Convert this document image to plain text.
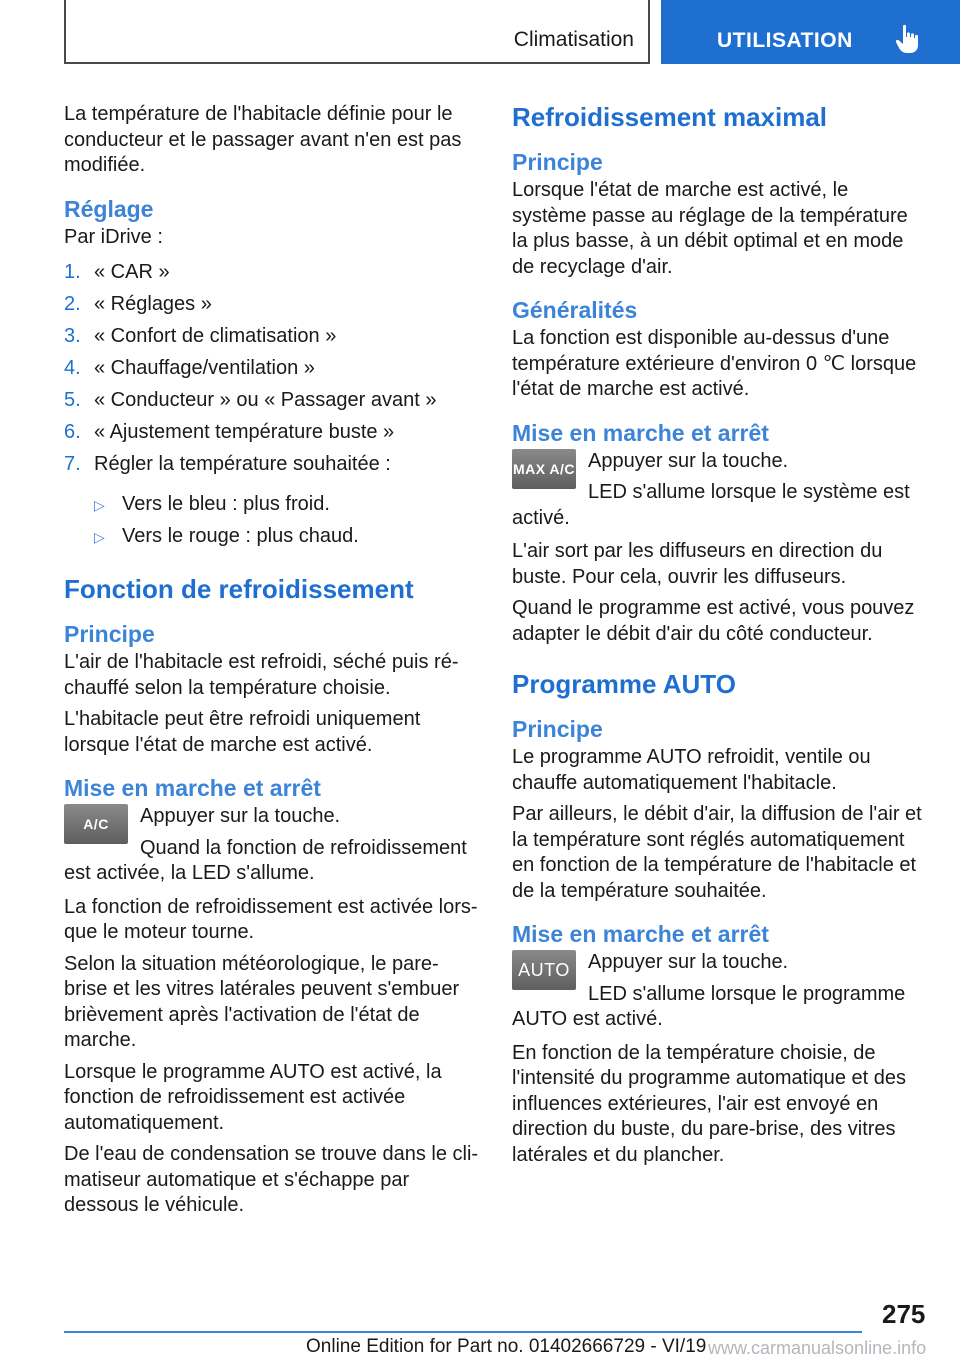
Climatisation	UTILISATION

La température de l'habitacle définie pour le conducteur et le passager avant n'en est pas modifiée.

Réglage

Par iDrive :

1. « CAR »
2. « Réglages »
3. « Confort de climatisation »
4. « Chauffage/ventilation »
5. « Conducteur » ou « Passager avant »
6. « Ajustement température buste »
7. Régler la température souhaitée :
▷ Vers le bleu : plus froid.
▷ Vers le rouge : plus chaud.
Fonction de refroidissement
Principe

L'air de l'habitacle est refroidi, séché puis réchauffé selon la température choisie.

L'habitacle peut être refroidi uniquement lorsque l'état de marche est activé.

Mise en marche et arrêt
A/C	Appuyer sur la touche.

Quand la fonction de refroidissement est activée, la LED s'allume.

La fonction de refroidissement est activée lorsque le moteur tourne.

Selon la situation météorologique, le pare-brise et les vitres latérales peuvent s'embuer brièvement après l'activation de l'état de marche.

Lorsque le programme AUTO est activé, la fonction de refroidissement est activée automatiquement.

De l'eau de condensation se trouve dans le climatiseur automatique et s'échappe par dessous le véhicule.

Refroidissement maximal
Principe

Lorsque l'état de marche est activé, le système passe au réglage de la température la plus basse, à un débit optimal et en mode de recyclage d'air.

Généralités

La fonction est disponible au-dessus d'une température extérieure d'environ 0 ℃ lorsque l'état de marche est activé.

Mise en marche et arrêt
MAX A/C Appuyer sur la touche.

LED s'allume lorsque le système est activé.

L'air sort par les diffuseurs en direction du buste. Pour cela, ouvrir les diffuseurs.

Quand le programme est activé, vous pouvez adapter le débit d'air du côté conducteur.

Programme AUTO
Principe

Le programme AUTO refroidit, ventile ou chauffe automatiquement l'habitacle.

Par ailleurs, le débit d'air, la diffusion de l'air et la température sont réglés automatiquement en fonction de la température de l'habitacle et de la température souhaitée.

Mise en marche et arrêt
AUTO Appuyer sur la touche.

LED s'allume lorsque le programme AUTO est activé.

En fonction de la température choisie, de l'intensité du programme automatique et des influences extérieures, l'air est envoyé en direction du buste, du pare-brise, des vitres latérales et du plancher.

275
Online Edition for Part no. 01402666729 - VI/19 www.carmanualsonline.info
